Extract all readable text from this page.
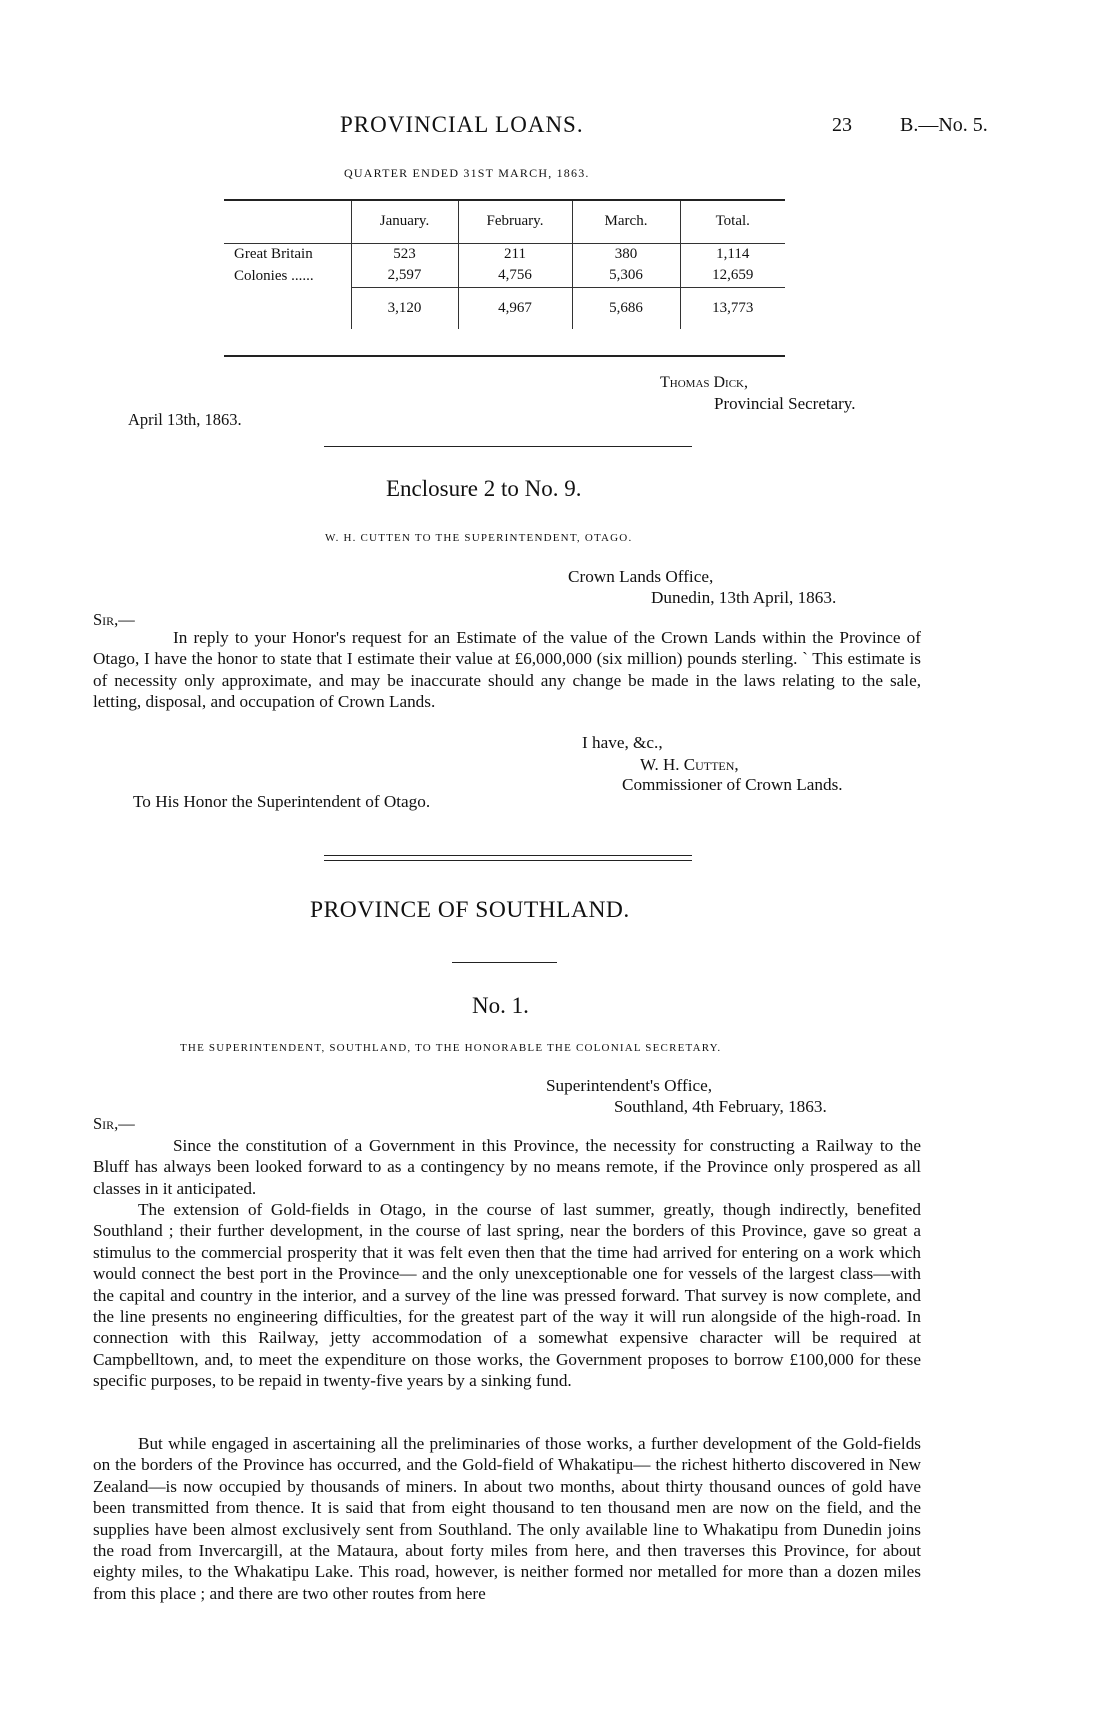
PROVINCIAL LOANS.	23 B.—No. 5.
QUARTER ENDED 31ST MARCH, 1863.
	January.	February.	March.	Total.

Great Britain	523	211	380	1,114
Colonies ......	2,597	4,756	5,306	12,659
	3,120	4,967	5,686	13,773
Thomas Dick,
Provincial Secretary.
April 13th, 1863.
Enclosure 2 to No. 9.
W. H. CUTTEN TO THE SUPERINTENDENT, OTAGO.
Crown Lands Office,
Dunedin, 13th April, 1863.
Sir,—
In reply to your Honor's request for an Estimate of the value of the Crown Lands within the Province of Otago, I have the honor to state that I estimate their value at £6,000,000 (six million) pounds sterling. ` This estimate is of necessity only approximate, and may be inaccurate should any change be made in the laws relating to the sale, letting, disposal, and occupation of Crown Lands.
I have, &c.,
W. H. Cutten,
Commissioner of Crown Lands.
To His Honor the Superintendent of Otago.
PROVINCE OF SOUTHLAND.
No. 1.
THE SUPERINTENDENT, SOUTHLAND, TO THE HONORABLE THE COLONIAL SECRETARY.
Superintendent's Office,
Southland, 4th February, 1863.
Sir,—
Since the constitution of a Government in this Province, the necessity for constructing a Railway to the Bluff has always been looked forward to as a contingency by no means remote, if the Province only prospered as all classes in it anticipated.
The extension of Gold-fields in Otago, in the course of last summer, greatly, though indirectly, benefited Southland ; their further development, in the course of last spring, near the borders of this Province, gave so great a stimulus to the commercial prosperity that it was felt even then that the time had arrived for entering on a work which would connect the best port in the Province— and the only unexceptionable one for vessels of the largest class—with the capital and country in the interior, and a survey of the line was pressed forward. That survey is now complete, and the line presents no engineering difficulties, for the greatest part of the way it will run alongside of the high-road. In connection with this Railway, jetty accommodation of a somewhat expensive character will be required at Campbelltown, and, to meet the expenditure on those works, the Government proposes to borrow £100,000 for these specific purposes, to be repaid in twenty-five years by a sinking fund.
But while engaged in ascertaining all the preliminaries of those works, a further development of the Gold-fields on the borders of the Province has occurred, and the Gold-field of Whakatipu— the richest hitherto discovered in New Zealand—is now occupied by thousands of miners. In about two months, about thirty thousand ounces of gold have been transmitted from thence. It is said that from eight thousand to ten thousand men are now on the field, and the supplies have been almost exclusively sent from Southland. The only available line to Whakatipu from Dunedin joins the road from Invercargill, at the Mataura, about forty miles from here, and then traverses this Province, for about eighty miles, to the Whakatipu Lake. This road, however, is neither formed nor metalled for more than a dozen miles from this place ; and there are two other routes from here
